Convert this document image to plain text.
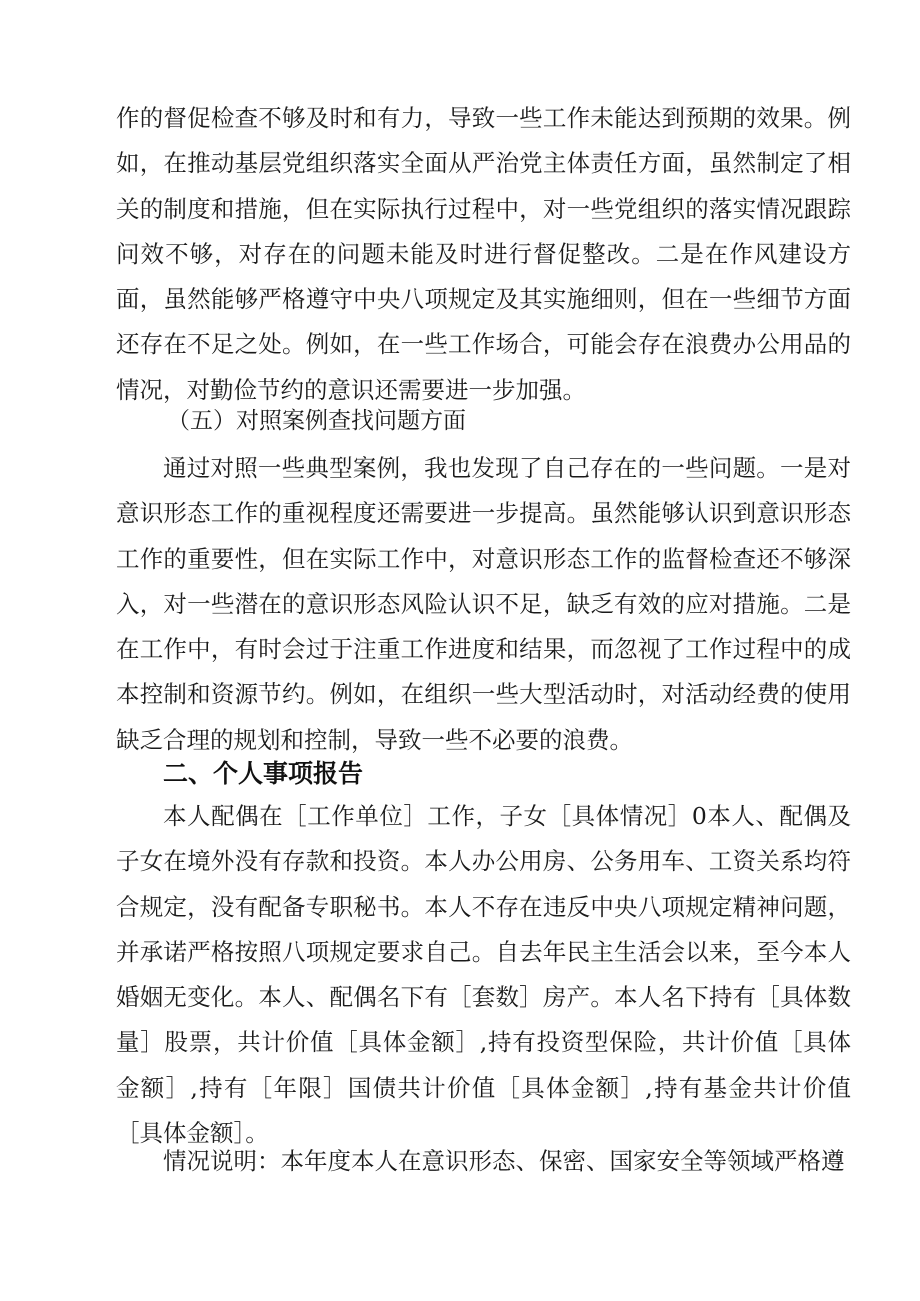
作的督促检查不够及时和有力，导致一些工作未能达到预期的效果。例如，在推动基层党组织落实全面从严治党主体责任方面，虽然制定了相关的制度和措施，但在实际执行过程中，对一些党组织的落实情况跟踪问效不够，对存在的问题未能及时进行督促整改。二是在作风建设方面，虽然能够严格遵守中央八项规定及其实施细则，但在一些细节方面还存在不足之处。例如，在一些工作场合，可能会存在浪费办公用品的情况，对勤俭节约的意识还需要进一步加强。

（五）对照案例查找问题方面

通过对照一些典型案例，我也发现了自己存在的一些问题。一是对意识形态工作的重视程度还需要进一步提高。虽然能够认识到意识形态工作的重要性，但在实际工作中，对意识形态工作的监督检查还不够深入，对一些潜在的意识形态风险认识不足，缺乏有效的应对措施。二是在工作中，有时会过于注重工作进度和结果，而忽视了工作过程中的成本控制和资源节约。例如，在组织一些大型活动时，对活动经费的使用缺乏合理的规划和控制，导致一些不必要的浪费。

二、个人事项报告

本人配偶在［工作单位］工作，子女［具体情况］0本人、配偶及子女在境外没有存款和投资。本人办公用房、公务用车、工资关系均符合规定，没有配备专职秘书。本人不存在违反中央八项规定精神问题，并承诺严格按照八项规定要求自己。自去年民主生活会以来，至今本人婚姻无变化。本人、配偶名下有［套数］房产。本人名下持有［具体数量］股票，共计价值［具体金额］,持有投资型保险，共计价值［具体金额］,持有［年限］国债共计价值［具体金额］,持有基金共计价值［具体金额］。

情况说明：本年度本人在意识形态、保密、国家安全等领域严格遵
